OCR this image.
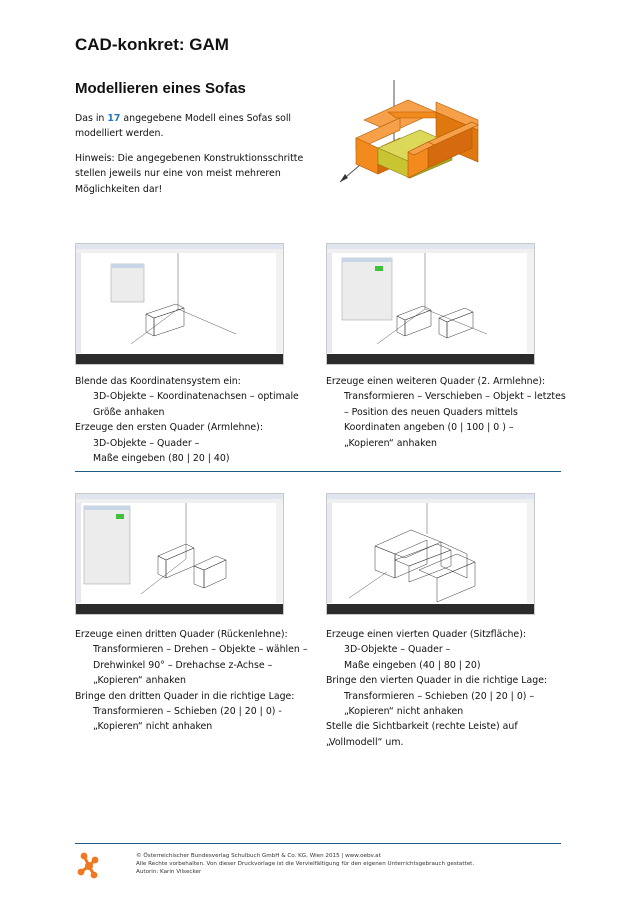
CAD-konkret: GAM
Modellieren eines Sofas

Das in 17 angegebene Modell eines Sofas soll modelliert werden.

Hinweis: Die angegebenen Konstruktionsschritte stellen jeweils nur eine von meist mehreren Möglichkeiten dar!

Blende das Koordinatensystem ein:
3D-Objekte – Koordinatenachsen – optimale Größe anhaken
Erzeuge den ersten Quader (Armlehne):
3D-Objekte – Quader –
Maße eingeben (80 | 20 | 40)
Erzeuge einen weiteren Quader (2. Armlehne):
Transformieren – Verschieben – Objekt – letztes – Position des neuen Quaders mittels Koordinaten angeben (0 | 100 | 0 ) – „Kopieren“ anhaken
Erzeuge einen dritten Quader (Rückenlehne):
Transformieren – Drehen – Objekte – wählen – Drehwinkel 90° – Drehachse z-Achse – „Kopieren“ anhaken
Bringe den dritten Quader in die richtige Lage:
Transformieren – Schieben (20 | 20 | 0) - „Kopieren“ nicht anhaken
Erzeuge einen vierten Quader (Sitzfläche):
3D-Objekte – Quader –
Maße eingeben (40 | 80 | 20)
Bringe den vierten Quader in die richtige Lage:
Transformieren – Schieben (20 | 20 | 0) – „Kopieren“ nicht anhaken
Stelle die Sichtbarkeit (rechte Leiste) auf „Vollmodell“ um.
© Österreichischer Bundesverlag Schulbuch GmbH & Co. KG, Wien 2015 | www.oebv.at
Alle Rechte vorbehalten. Von dieser Druckvorlage ist die Vervielfältigung für den eigenen Unterrichtsgebrauch gestattet.
Autorin: Karin Vilsecker
